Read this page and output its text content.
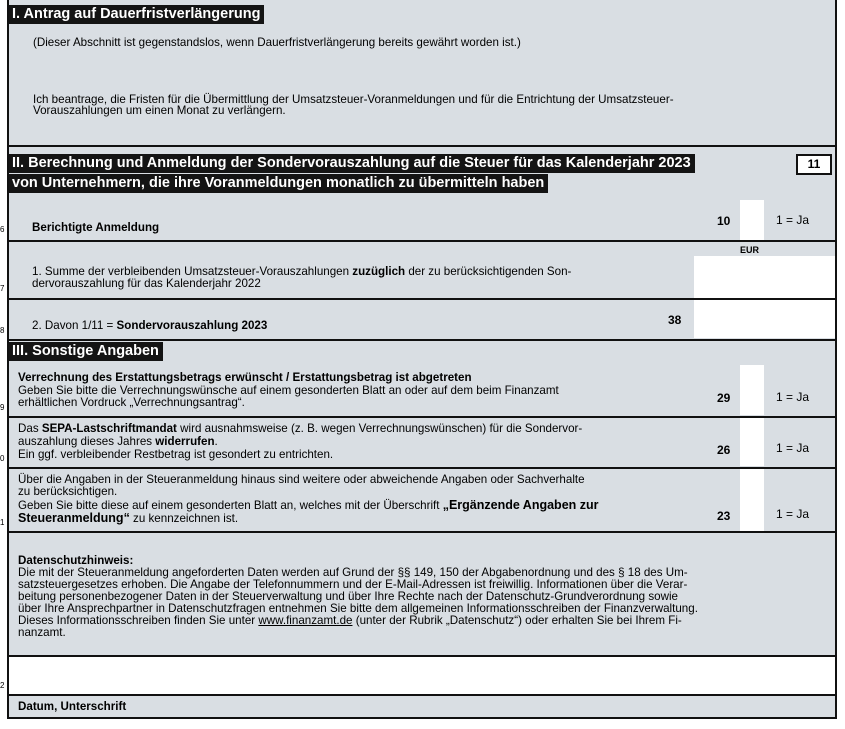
I. Antrag auf Dauerfristverlängerung
(Dieser Abschnitt ist gegenstandslos, wenn Dauerfristverlängerung bereits gewährt worden ist.)
Ich beantrage, die Fristen für die Übermittlung der Umsatzsteuer-Voranmeldungen und für die Entrichtung der Umsatzsteuer-
Vorauszahlungen um einen Monat zu verlängern.
II. Berechnung und Anmeldung der Sondervorauszahlung auf die Steuer für das Kalenderjahr 2023
von Unternehmern, die ihre Voranmeldungen monatlich zu übermitteln haben
11
6 Berichtigte Anmeldung	10	1 = Ja
EUR
7
1. Summe der verbleibenden Umsatzsteuer-Vorauszahlungen zuzüglich der zu berücksichtigenden Son-
dervorauszahlung für das Kalenderjahr 2022
8 2. Davon 1/11 = Sondervorauszahlung 2023	38
III. Sonstige Angaben
9
Verrechnung des Erstattungsbetrags erwünscht / Erstattungsbetrag ist abgetreten
Geben Sie bitte die Verrechnungswünsche auf einem gesonderten Blatt an oder auf dem beim Finanzamt
erhältlichen Vordruck „Verrechnungsantrag“.	29	1 = Ja
0
Das SEPA-Lastschriftmandat wird ausnahmsweise (z. B. wegen Verrechnungswünschen) für die Sondervor-
auszahlung dieses Jahres widerrufen.
Ein ggf. verbleibender Restbetrag ist gesondert zu entrichten.	26	1 = Ja
1
Über die Angaben in der Steueranmeldung hinaus sind weitere oder abweichende Angaben oder Sachverhalte
zu berücksichtigen.
Geben Sie bitte diese auf einem gesonderten Blatt an, welches mit der Überschrift „Ergänzende Angaben zur
Steueranmeldung“ zu kennzeichnen ist.	23	1 = Ja
Datenschutzhinweis:
Die mit der Steueranmeldung angeforderten Daten werden auf Grund der §§ 149, 150 der Abgabenordnung und des § 18 des Um-
satzsteuergesetzes erhoben. Die Angabe der Telefonnummern und der E-Mail-Adressen ist freiwillig. Informationen über die Verar-
beitung personenbezogener Daten in der Steuerverwaltung und über Ihre Rechte nach der Datenschutz-Grundverordnung sowie
über Ihre Ansprechpartner in Datenschutzfragen entnehmen Sie bitte dem allgemeinen Informationsschreiben der Finanzverwaltung.
Dieses Informationsschreiben finden Sie unter www.finanzamt.de (unter der Rubrik „Datenschutz“) oder erhalten Sie bei Ihrem Fi-
nanzamt.
2
Datum, Unterschrift
